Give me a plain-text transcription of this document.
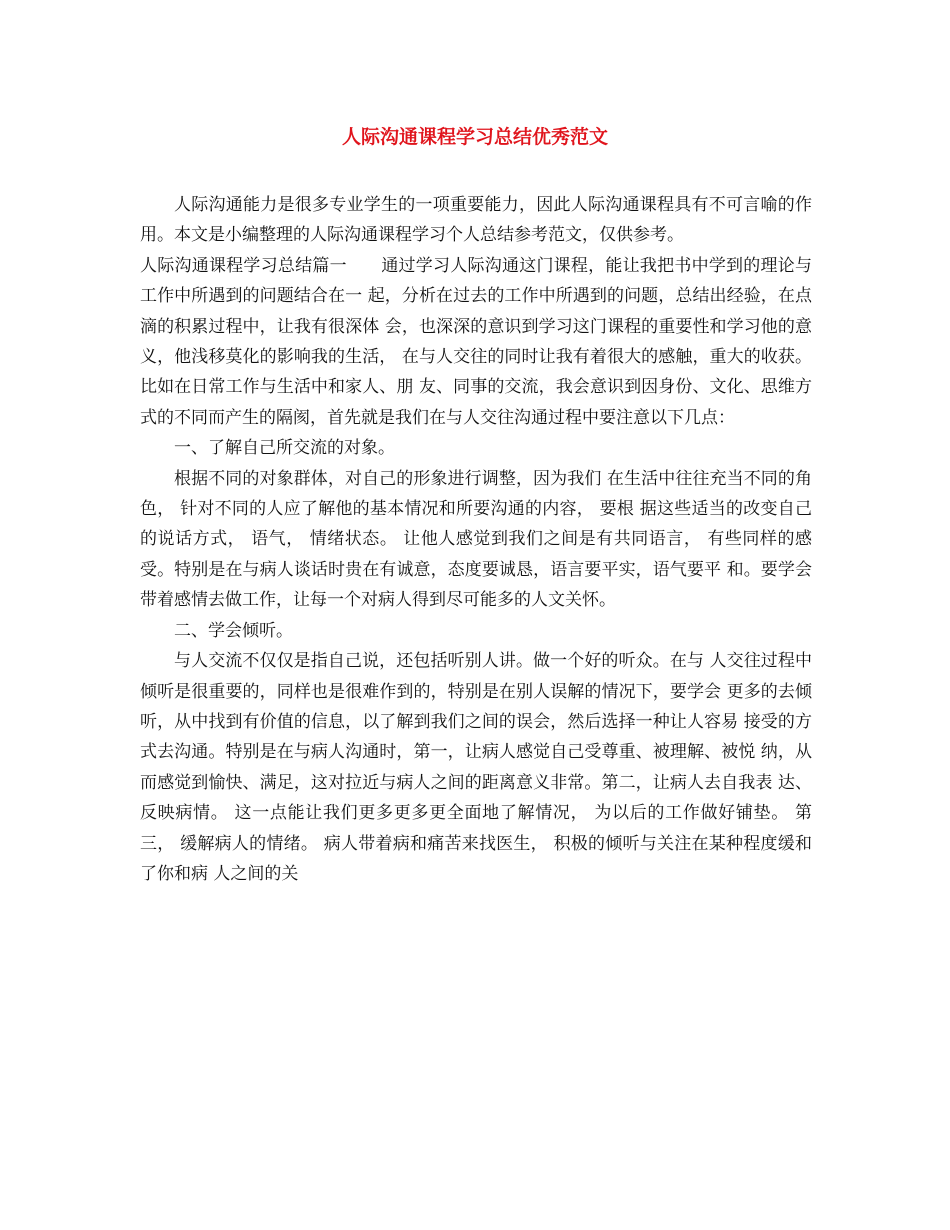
人际沟通课程学习总结优秀范文

人际沟通能力是很多专业学生的一项重要能力，因此人际沟通课程具有不可言喻的作用。本文是小编整理的人际沟通课程学习个人总结参考范文，仅供参考。

人际沟通课程学习总结篇一　　通过学习人际沟通这门课程，能让我把书中学到的理论与工作中所遇到的问题结合在一 起，分析在过去的工作中所遇到的问题，总结出经验，在点滴的积累过程中，让我有很深体 会，也深深的意识到学习这门课程的重要性和学习他的意义，他浅移莫化的影响我的生活， 在与人交往的同时让我有着很大的感触，重大的收获。比如在日常工作与生活中和家人、朋 友、同事的交流，我会意识到因身份、文化、思维方式的不同而产生的隔阂，首先就是我们在与人交往沟通过程中要注意以下几点：

一、了解自己所交流的对象。

根据不同的对象群体，对自己的形象进行调整，因为我们 在生活中往往充当不同的角色， 针对不同的人应了解他的基本情况和所要沟通的内容， 要根 据这些适当的改变自己的说话方式， 语气， 情绪状态。 让他人感觉到我们之间是有共同语言， 有些同样的感受。特别是在与病人谈话时贵在有诚意，态度要诚恳，语言要平实，语气要平 和。要学会带着感情去做工作，让每一个对病人得到尽可能多的人文关怀。

二、学会倾听。

与人交流不仅仅是指自己说，还包括听别人讲。做一个好的听众。在与 人交往过程中倾听是很重要的，同样也是很难作到的，特别是在别人误解的情况下，要学会 更多的去倾听，从中找到有价值的信息，以了解到我们之间的误会，然后选择一种让人容易 接受的方式去沟通。特别是在与病人沟通时，第一，让病人感觉自己受尊重、被理解、被悦 纳，从而感觉到愉快、满足，这对拉近与病人之间的距离意义非常。第二，让病人去自我表 达、 反映病情。 这一点能让我们更多更多更全面地了解情况， 为以后的工作做好铺垫。 第三， 缓解病人的情绪。 病人带着病和痛苦来找医生， 积极的倾听与关注在某种程度缓和了你和病 人之间的关
